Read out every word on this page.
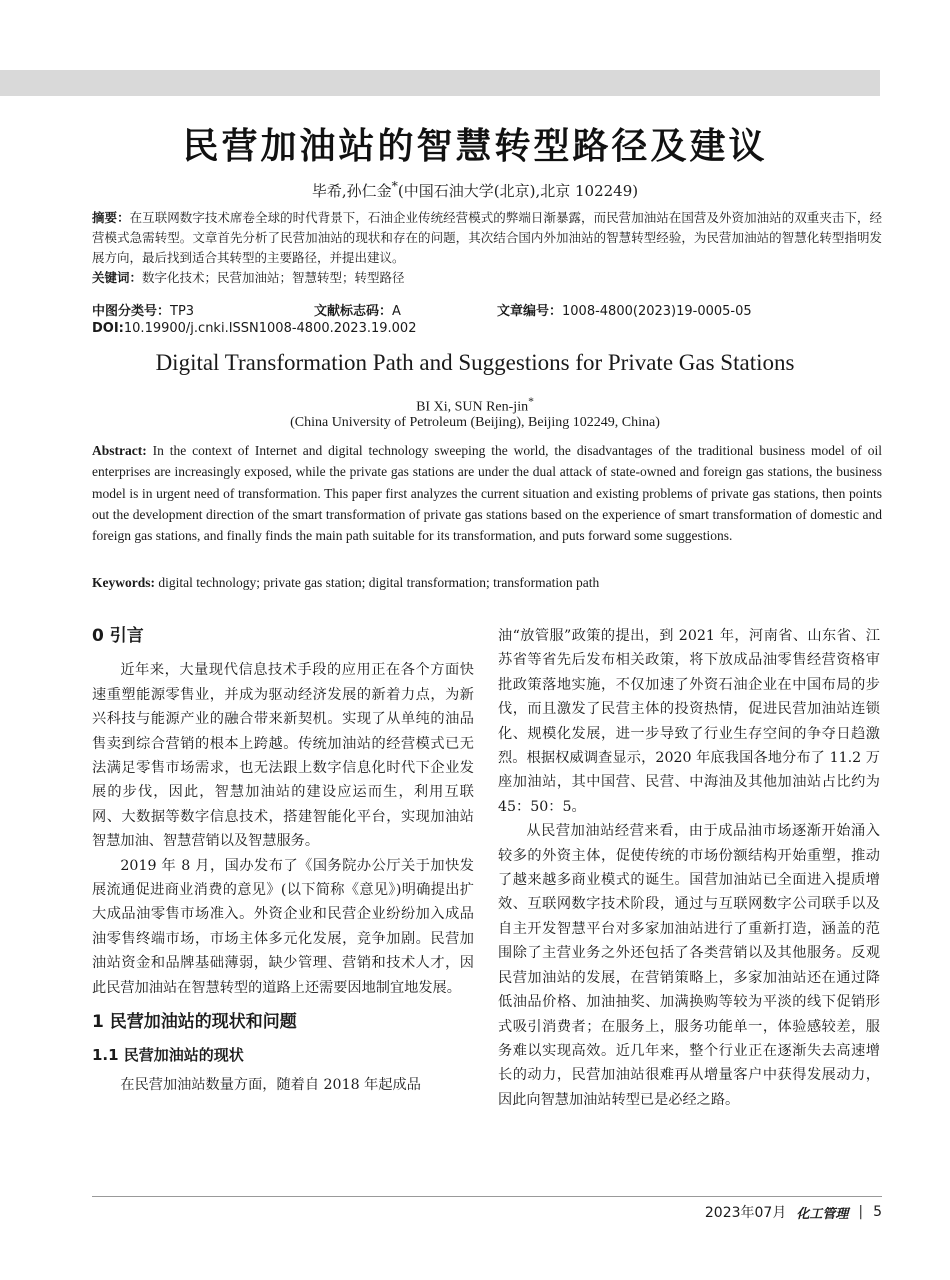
民营加油站的智慧转型路径及建议
毕希,孙仁金*(中国石油大学(北京),北京 102249)
摘要：在互联网数字技术席卷全球的时代背景下，石油企业传统经营模式的弊端日渐暴露，而民营加油站在国营及外资加油站的双重夹击下，经营模式急需转型。文章首先分析了民营加油站的现状和存在的问题，其次结合国内外加油站的智慧转型经验，为民营加油站的智慧化转型指明发展方向，最后找到适合其转型的主要路径，并提出建议。
关键词：数字化技术；民营加油站；智慧转型；转型路径
中图分类号：TP3	文献标志码：A	文章编号：1008-4800(2023)19-0005-05
DOI:10.19900/j.cnki.ISSN1008-4800.2023.19.002
Digital Transformation Path and Suggestions for Private Gas Stations
BI Xi, SUN Ren-jin*
(China University of Petroleum (Beijing), Beijing 102249, China)
Abstract: In the context of Internet and digital technology sweeping the world, the disadvantages of the traditional business model of oil enterprises are increasingly exposed, while the private gas stations are under the dual attack of state-owned and foreign gas stations, the business model is in urgent need of transformation. This paper first analyzes the current situation and existing problems of private gas stations, then points out the development direction of the smart transformation of private gas stations based on the experience of smart transformation of domestic and foreign gas stations, and finally finds the main path suitable for its transformation, and puts forward some suggestions.
Keywords: digital technology; private gas station; digital transformation; transformation path
0 引言

近年来，大量现代信息技术手段的应用正在各个方面快速重塑能源零售业，并成为驱动经济发展的新着力点，为新兴科技与能源产业的融合带来新契机。实现了从单纯的油品售卖到综合营销的根本上跨越。传统加油站的经营模式已无法满足零售市场需求，也无法跟上数字信息化时代下企业发展的步伐，因此，智慧加油站的建设应运而生，利用互联网、大数据等数字信息技术，搭建智能化平台，实现加油站智慧加油、智慧营销以及智慧服务。

2019 年 8 月，国办发布了《国务院办公厅关于加快发展流通促进商业消费的意见》(以下简称《意见》)明确提出扩大成品油零售市场准入。外资企业和民营企业纷纷加入成品油零售终端市场，市场主体多元化发展，竞争加剧。民营加油站资金和品牌基础薄弱，缺少管理、营销和技术人才，因此民营加油站在智慧转型的道路上还需要因地制宜地发展。

1 民营加油站的现状和问题
1.1 民营加油站的现状

在民营加油站数量方面，随着自 2018 年起成品

油“放管服”政策的提出，到 2021 年，河南省、山东省、江苏省等省先后发布相关政策，将下放成品油零售经营资格审批政策落地实施，不仅加速了外资石油企业在中国布局的步伐，而且激发了民营主体的投资热情，促进民营加油站连锁化、规模化发展，进一步导致了行业生存空间的争夺日趋激烈。根据权威调查显示，2020 年底我国各地分布了 11.2 万座加油站，其中国营、民营、中海油及其他加油站占比约为 45：50：5。

从民营加油站经营来看，由于成品油市场逐渐开始涌入较多的外资主体，促使传统的市场份额结构开始重塑，推动了越来越多商业模式的诞生。国营加油站已全面进入提质增效、互联网数字技术阶段，通过与互联网数字公司联手以及自主开发智慧平台对多家加油站进行了重新打造，涵盖的范围除了主营业务之外还包括了各类营销以及其他服务。反观民营加油站的发展，在营销策略上，多家加油站还在通过降低油品价格、加油抽奖、加满换购等较为平淡的线下促销形式吸引消费者；在服务上，服务功能单一，体验感较差，服务难以实现高效。近几年来，整个行业正在逐渐失去高速增长的动力，民营加油站很难再从增量客户中获得发展动力，因此向智慧加油站转型已是必经之路。

2023年07月 化工管理 | 5
